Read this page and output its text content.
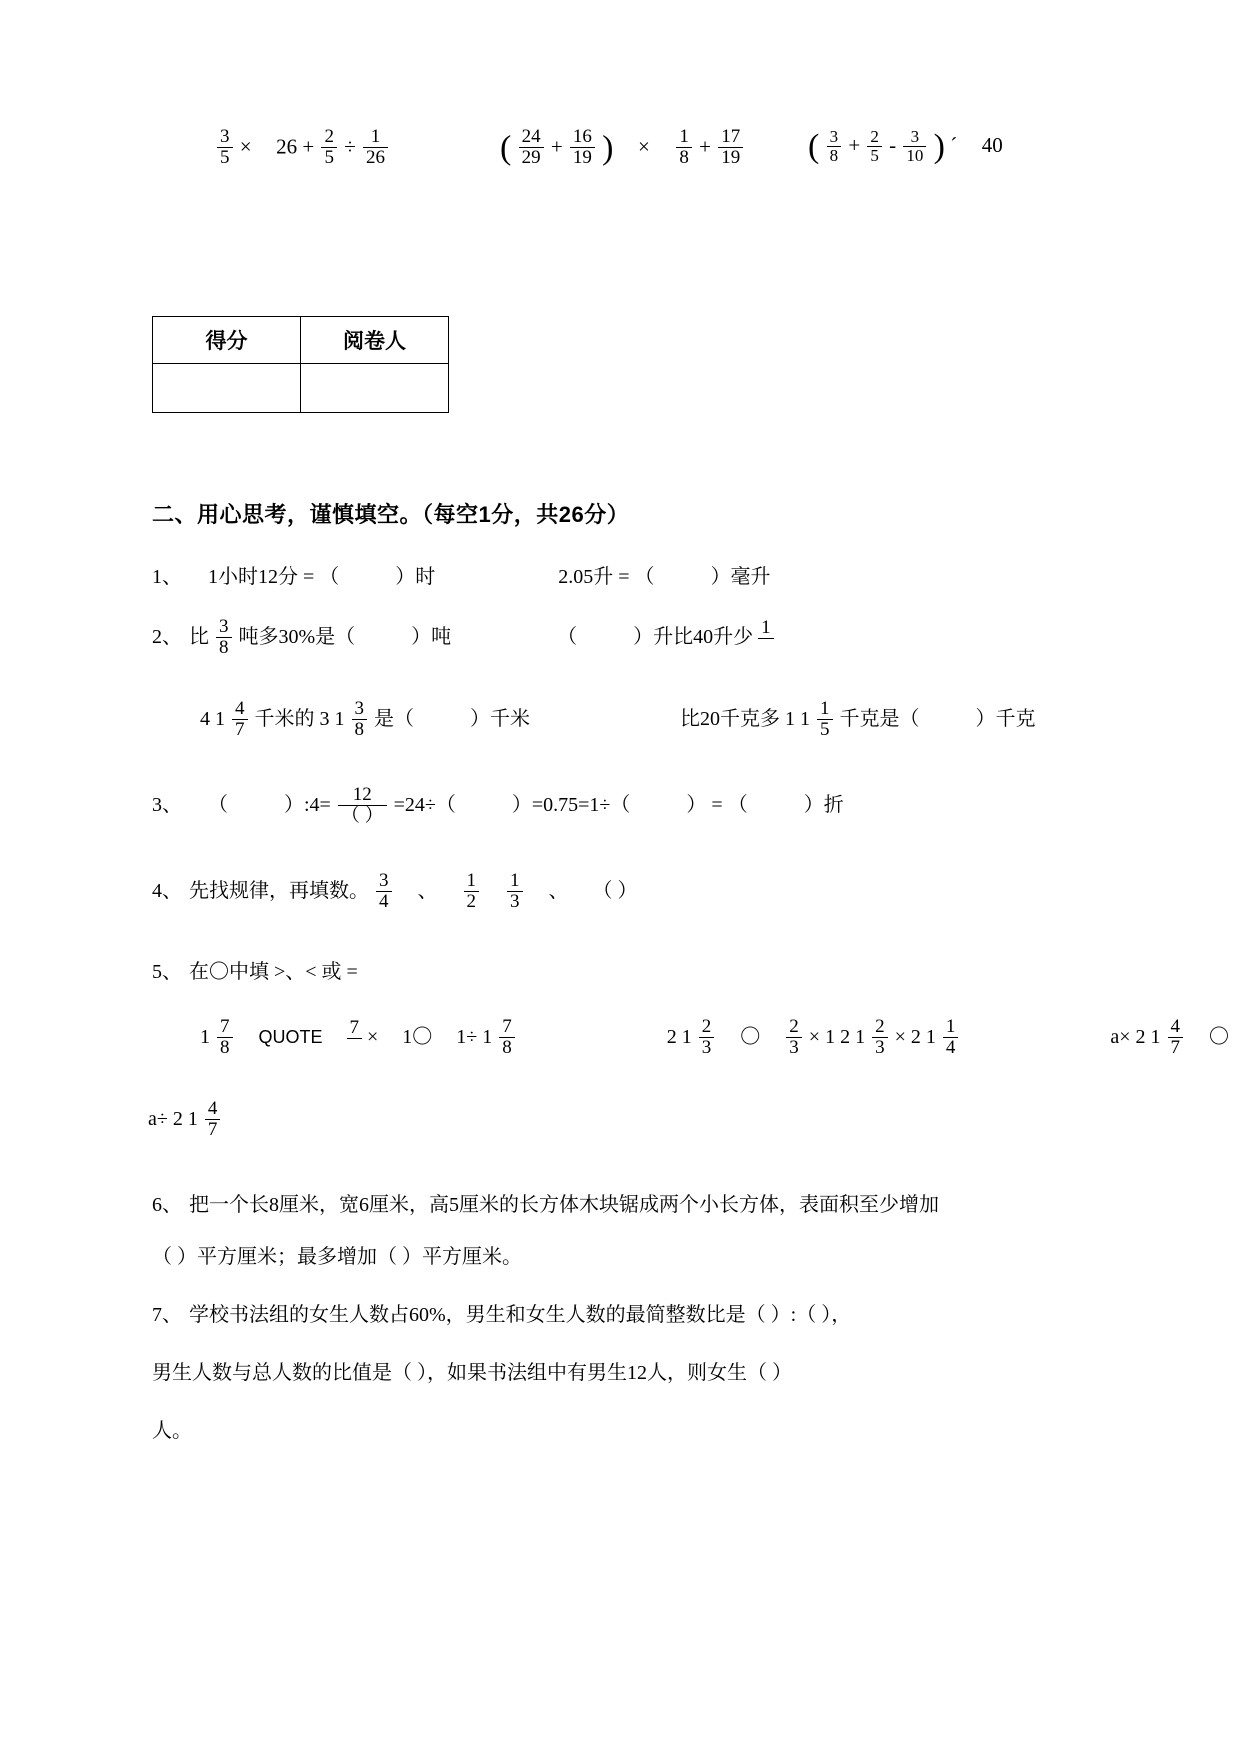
$\frac{3}{5} \times 26 + \frac{2}{5} \div \frac{1}{26}$	( $\frac{24}{29} + \frac{16}{19}$ ) × $\frac{1}{8} + \frac{17}{19}$ ( $\frac{3}{8} + \frac{2}{5} - \frac{3}{10}$ ) ´ 40
得分	阅卷人

二、用心思考，谨慎填空。（每空1分，共26分）
1、 1小时12分 = （	）时	2.05升 = （	）毫升
2、 比 $\frac{3}{8}$ 吨多30%是（	）吨	（	）升比40升少 1
4 $1 \frac{4}{7}$ 千米的 3 $1 \frac{3}{8}$ 是（	）千米	比20千克多 1 $1 \frac{1}{5}$ 千克是（	）千克
3、 （	）:4= $\frac{12}{( )} =24\div$（	）=0.75=1÷（	） = （	）折
4、 先找规律，再填数。 $\frac{3}{4}$ 、 $\frac{1}{2}$
$\frac{1}{3}$ 、 （ ）
5、 在〇中填 >、< 或 =
$1 \frac{7}{8}$ QUOTE 7 × 1〇 $1\div 1 \frac{7}{8}$	2 $1 \frac{2}{3}$ 〇 $\frac{2}{3} \times 1$ 2 $1 \frac{2}{3} \times 2$ $1 \frac{1}{4}$	a× 2 $1 \frac{4}{7}$ 〇
a÷ 2 $1 \frac{4}{7}$
6、 把一个长8厘米，宽6厘米，高5厘米的长方体木块锯成两个小长方体，表面积至少增加
（ ）平方厘米；最多增加（ ）平方厘米。
7、 学校书法组的女生人数占60%，男生和女生人数的最简整数比是（ ）:（ ），
男生人数与总人数的比值是（ ），如果书法组中有男生12人，则女生（ ）
人。
